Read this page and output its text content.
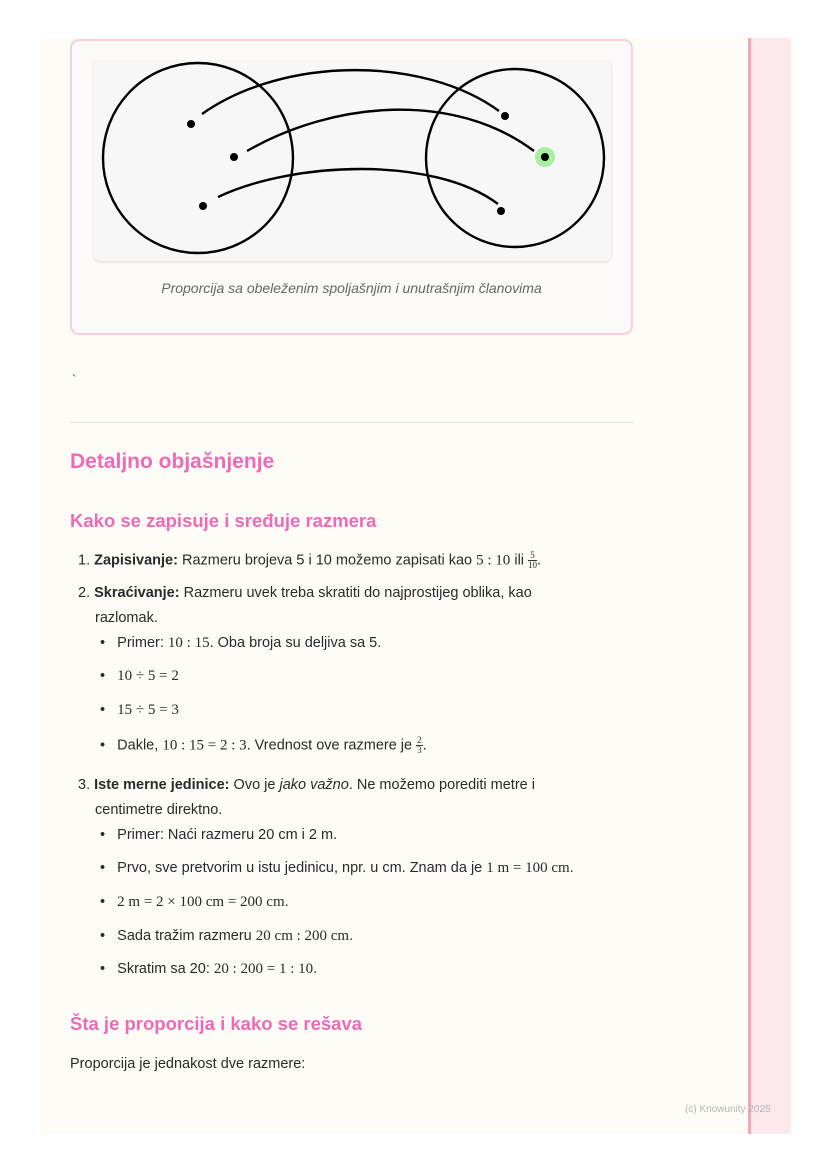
Proporcija sa obeleženim spoljašnjim i unutrašnjim članovima
`
Detaljno objašnjenje
Kako se zapisuje i sređuje razmera
1. Zapisivanje: Razmeru brojeva 5 i 10 možemo zapisati kao 5 : 10 ili $\frac{5}{10}$ .
2. Skraćivanje: Razmeru uvek treba skratiti do najprostijeg oblika, kao
razlomak.
• Primer: 10 : 15. Oba broja su deljiva sa 5.
• 10 ÷ 5 = 2
• 15 ÷ 5 = 3
• Dakle, 10 : 15 = 2 : 3. Vrednost ove razmere je $\frac{2}{3}$ .
3. Iste merne jedinice: Ovo je jako važno. Ne možemo porediti metre i
centimetre direktno.
• Primer: Naći razmeru 20 cm i 2 m.
• Prvo, sve pretvorim u istu jedinicu, npr. u cm. Znam da je 1 m = 100 cm.
• 2 m = 2 × 100 cm = 200 cm.
• Sada tražim razmeru 20 cm : 200 cm.
• Skratim sa 20: 20 : 200 = 1 : 10.
Šta je proporcija i kako se rešava
Proporcija je jednakost dve razmere:
(c) Knowunity 2025
